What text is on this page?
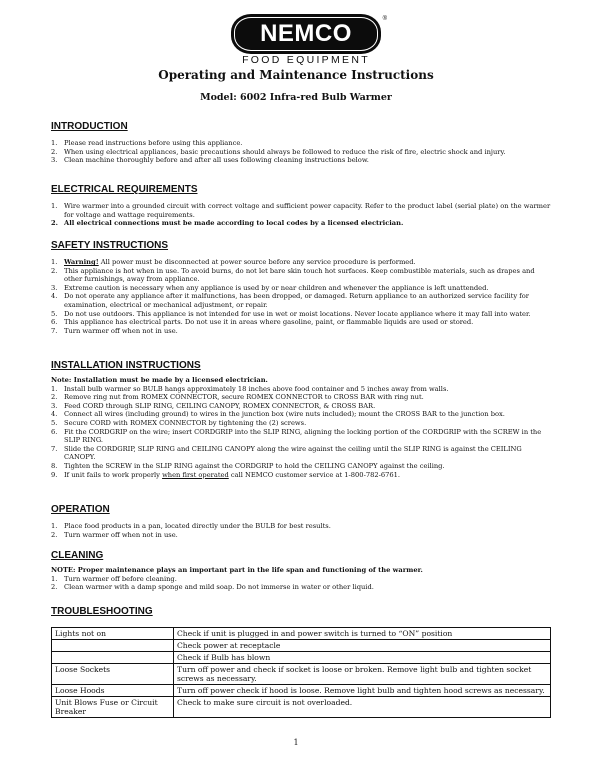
NEMCO
®
FOOD EQUIPMENT
Operating and Maintenance Instructions
Model: 6002 Infra-red Bulb Warmer
INTRODUCTION
1. Please read instructions before using this appliance.
2. When using electrical appliances, basic precautions should always be followed to reduce the risk of fire, electric shock and injury.
3. Clean machine thoroughly before and after all uses following cleaning instructions below.
ELECTRICAL REQUIREMENTS
1. Wire warmer into a grounded circuit with correct voltage and sufficient power capacity. Refer to the product label (serial plate) on the warmer for voltage and wattage requirements.
2. All electrical connections must be made according to local codes by a licensed electrician.
SAFETY INSTRUCTIONS
1. Warning! All power must be disconnected at power source before any service procedure is performed.
2. This appliance is hot when in use. To avoid burns, do not let bare skin touch hot surfaces. Keep combustible materials, such as drapes and other furnishings, away from appliance.
3. Extreme caution is necessary when any appliance is used by or near children and whenever the appliance is left unattended.
4. Do not operate any appliance after it malfunctions, has been dropped, or damaged. Return appliance to an authorized service facility for examination, electrical or mechanical adjustment, or repair.
5. Do not use outdoors. This appliance is not intended for use in wet or moist locations. Never locate appliance where it may fall into water.
6. This appliance has electrical parts. Do not use it in areas where gasoline, paint, or flammable liquids are used or stored.
7. Turn warmer off when not in use.
INSTALLATION INSTRUCTIONS
Note: Installation must be made by a licensed electrician.
1. Install bulb warmer so BULB hangs approximately 18 inches above food container and 5 inches away from walls.
2. Remove ring nut from ROMEX CONNECTOR, secure ROMEX CONNECTOR to CROSS BAR with ring nut.
3. Feed CORD through SLIP RING, CEILING CANOPY, ROMEX CONNECTOR, & CROSS BAR.
4. Connect all wires (including ground) to wires in the junction box (wire nuts included); mount the CROSS BAR to the junction box.
5. Secure CORD with ROMEX CONNECTOR by tightening the (2) screws.
6. Fit the CORDGRIP on the wire; insert CORDGRIP into the SLIP RING, aligning the locking portion of the CORDGRIP with the SCREW in the SLIP RING.
7. Slide the CORDGRIP, SLIP RING and CEILING CANOPY along the wire against the ceiling until the SLIP RING is against the CEILING CANOPY.
8. Tighten the SCREW in the SLIP RING against the CORDGRIP to hold the CEILING CANOPY against the ceiling.
9. If unit fails to work properly when first operated call NEMCO customer service at 1-800-782-6761.
OPERATION
1. Place food products in a pan, located directly under the BULB for best results.
2. Turn warmer off when not in use.
CLEANING
NOTE: Proper maintenance plays an important part in the life span and functioning of the warmer.
1. Turn warmer off before cleaning.
2. Clean warmer with a damp sponge and mild soap. Do not immerse in water or other liquid.
TROUBLESHOOTING
Lights not on	Check if unit is plugged in and power switch is turned to “ON” position
	Check power at receptacle
	Check if Bulb has blown
Loose Sockets	Turn off power and check if socket is loose or broken. Remove light bulb and tighten socket screws as necessary.
Loose Hoods	Turn off power check if hood is loose. Remove light bulb and tighten hood screws as necessary.
Unit Blows Fuse or Circuit Breaker	Check to make sure circuit is not overloaded.
1
